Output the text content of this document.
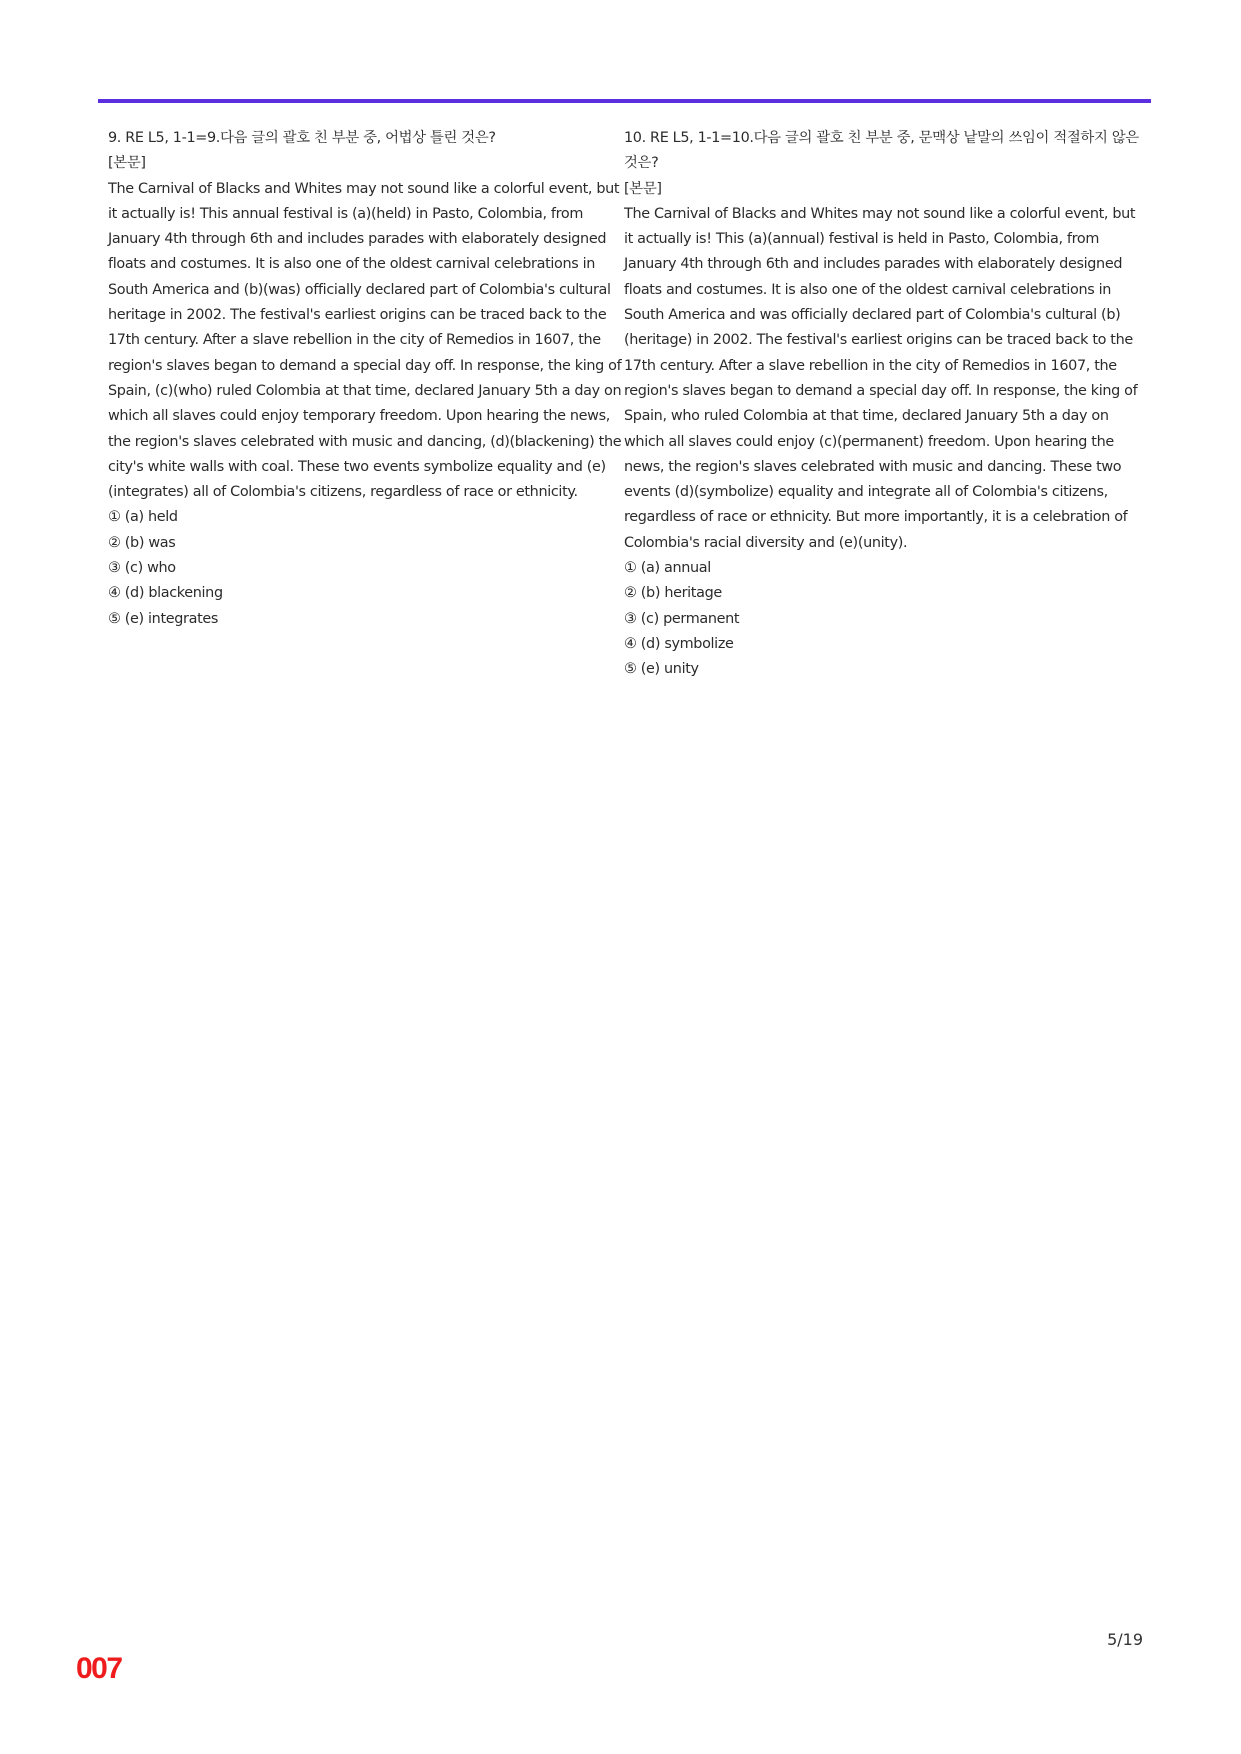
9. RE L5, 1-1=9.다음 글의 괄호 친 부분 중, 어법상 틀린 것은?

[본문]

The Carnival of Blacks and Whites may not sound like a colorful event, but it actually is! This annual festival is (a)(held) in Pasto, Colombia, from January 4th through 6th and includes parades with elaborately designed floats and costumes. It is also one of the oldest carnival celebrations in South America and (b)(was) officially declared part of Colombia's cultural heritage in 2002. The festival's earliest origins can be traced back to the 17th century. After a slave rebellion in the city of Remedios in 1607, the region's slaves began to demand a special day off. In response, the king of Spain, (c)(who) ruled Colombia at that time, declared January 5th a day on which all slaves could enjoy temporary freedom. Upon hearing the news, the region's slaves celebrated with music and dancing, (d)(blackening) the city's white walls with coal. These two events symbolize equality and (e)(integrates) all of Colombia's citizens, regardless of race or ethnicity.

① (a) held
② (b) was
③ (c) who
④ (d) blackening
⑤ (e) integrates

10. RE L5, 1-1=10.다음 글의 괄호 친 부분 중, 문맥상 낱말의 쓰임이 적절하지 않은 것은?

[본문]

The Carnival of Blacks and Whites may not sound like a colorful event, but it actually is! This (a)(annual) festival is held in Pasto, Colombia, from January 4th through 6th and includes parades with elaborately designed floats and costumes. It is also one of the oldest carnival celebrations in South America and was officially declared part of Colombia's cultural (b)(heritage) in 2002. The festival's earliest origins can be traced back to the 17th century. After a slave rebellion in the city of Remedios in 1607, the region's slaves began to demand a special day off. In response, the king of Spain, who ruled Colombia at that time, declared January 5th a day on which all slaves could enjoy (c)(permanent) freedom. Upon hearing the news, the region's slaves celebrated with music and dancing. These two events (d)(symbolize) equality and integrate all of Colombia's citizens, regardless of race or ethnicity. But more importantly, it is a celebration of Colombia's racial diversity and (e)(unity).

① (a) annual
② (b) heritage
③ (c) permanent
④ (d) symbolize
⑤ (e) unity
5/19
007
